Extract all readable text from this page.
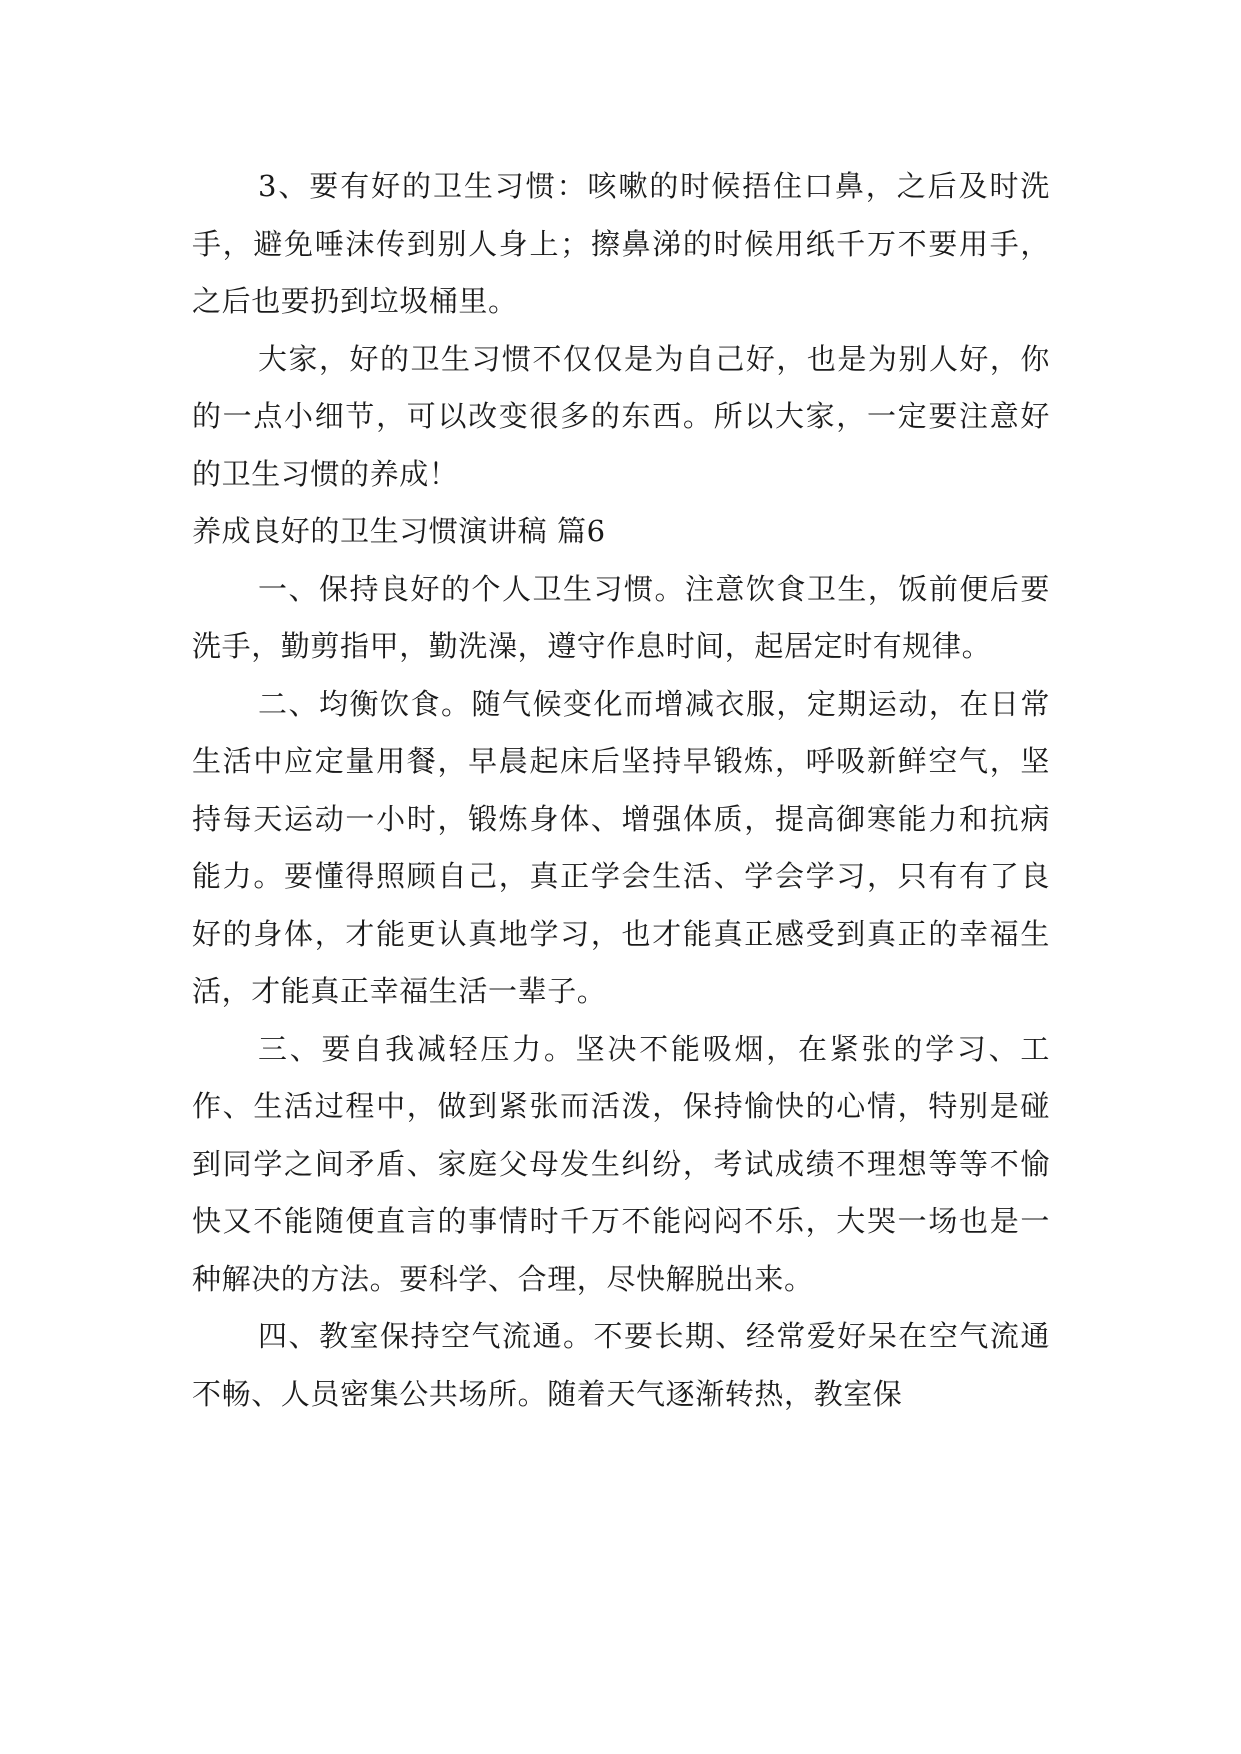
3、要有好的卫生习惯：咳嗽的时候捂住口鼻，之后及时洗手，避免唾沫传到别人身上；擦鼻涕的时候用纸千万不要用手，之后也要扔到垃圾桶里。

大家，好的卫生习惯不仅仅是为自己好，也是为别人好，你的一点小细节，可以改变很多的东西。所以大家，一定要注意好的卫生习惯的养成！

养成良好的卫生习惯演讲稿 篇6

一、保持良好的个人卫生习惯。注意饮食卫生，饭前便后要洗手，勤剪指甲，勤洗澡，遵守作息时间，起居定时有规律。

二、均衡饮食。随气候变化而增减衣服，定期运动，在日常生活中应定量用餐，早晨起床后坚持早锻炼，呼吸新鲜空气，坚持每天运动一小时，锻炼身体、增强体质，提高御寒能力和抗病能力。要懂得照顾自己，真正学会生活、学会学习，只有有了良好的身体，才能更认真地学习，也才能真正感受到真正的幸福生活，才能真正幸福生活一辈子。

三、要自我减轻压力。坚决不能吸烟，在紧张的学习、工作、生活过程中，做到紧张而活泼，保持愉快的心情，特别是碰到同学之间矛盾、家庭父母发生纠纷，考试成绩不理想等等不愉快又不能随便直言的事情时千万不能闷闷不乐，大哭一场也是一种解决的方法。要科学、合理，尽快解脱出来。

四、教室保持空气流通。不要长期、经常爱好呆在空气流通不畅、人员密集公共场所。随着天气逐渐转热，教室保
